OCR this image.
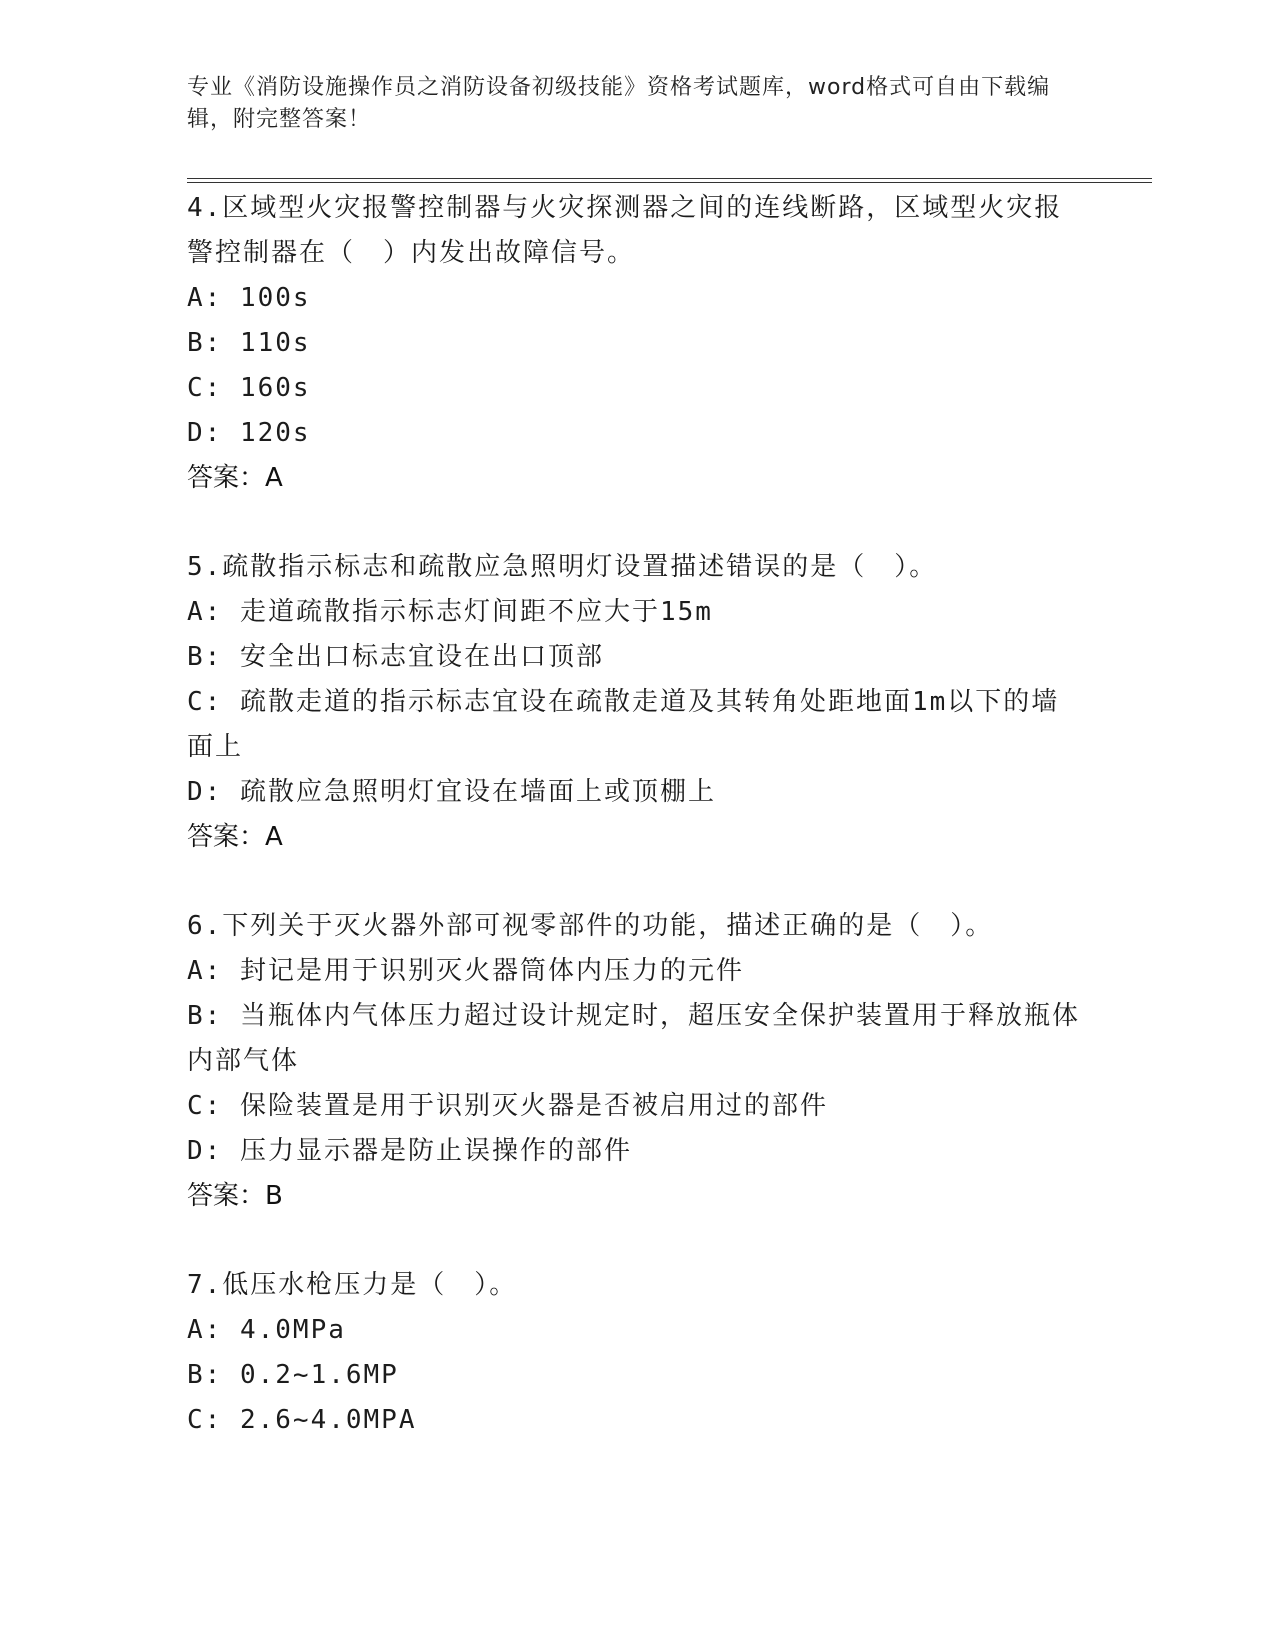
专业《消防设施操作员之消防设备初级技能》资格考试题库，word格式可自由下载编辑，附完整答案！

4.区域型火灾报警控制器与火灾探测器之间的连线断路，区域型火灾报警控制器在（　）内发出故障信号。

A: 100s

B: 110s

C: 160s

D: 120s

答案：A

5.疏散指示标志和疏散应急照明灯设置描述错误的是（　）。

A: 走道疏散指示标志灯间距不应大于15m

B: 安全出口标志宜设在出口顶部

C: 疏散走道的指示标志宜设在疏散走道及其转角处距地面1m以下的墙面上

D: 疏散应急照明灯宜设在墙面上或顶棚上

答案：A

6.下列关于灭火器外部可视零部件的功能，描述正确的是（　）。

A: 封记是用于识别灭火器筒体内压力的元件

B: 当瓶体内气体压力超过设计规定时，超压安全保护装置用于释放瓶体内部气体

C: 保险装置是用于识别灭火器是否被启用过的部件

D: 压力显示器是防止误操作的部件

答案：B

7.低压水枪压力是（　）。

A: 4.0MPa

B: 0.2~1.6MP

C: 2.6~4.0MPA
